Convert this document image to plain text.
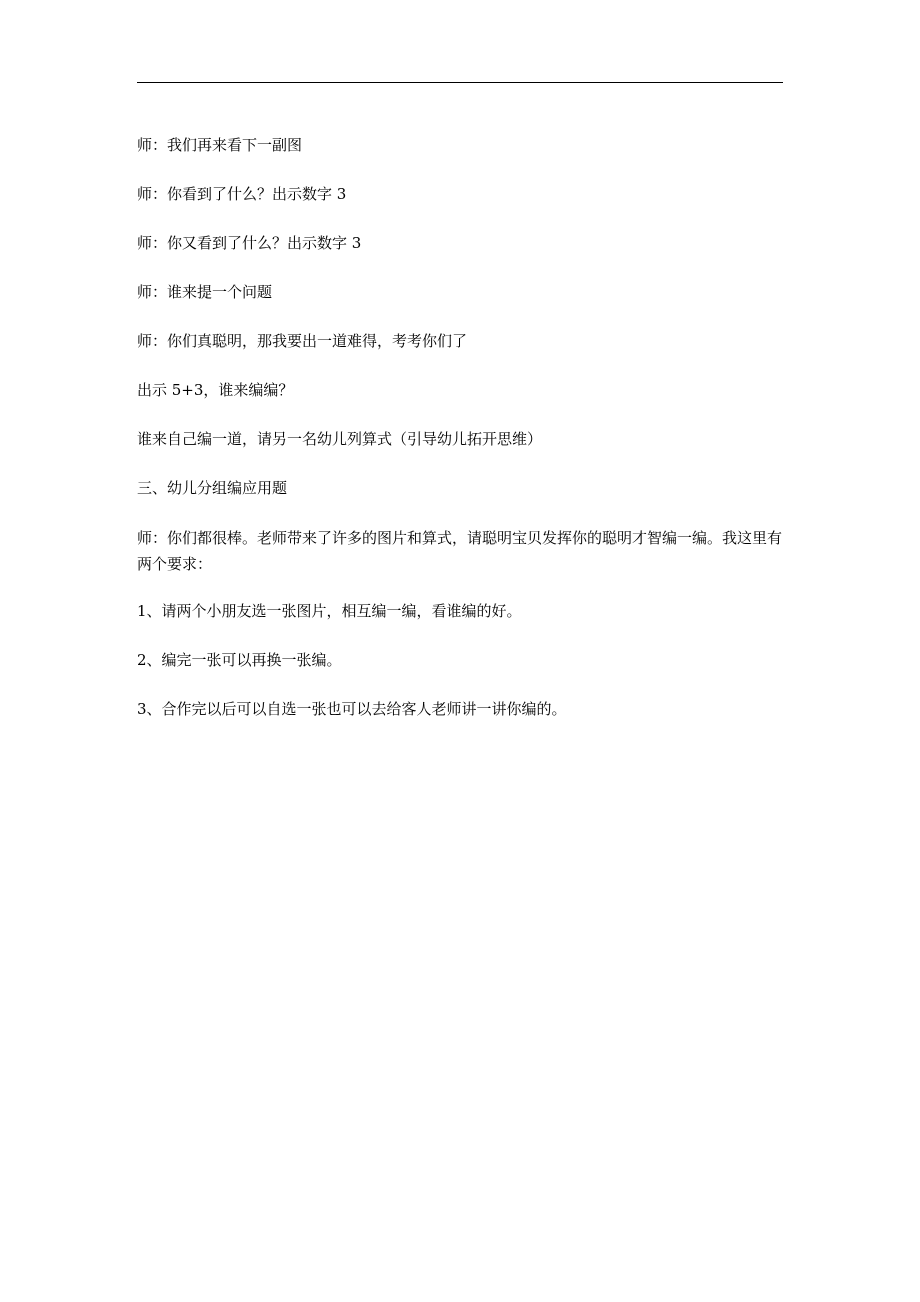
师：我们再来看下一副图

师：你看到了什么？出示数字 3

师：你又看到了什么？出示数字 3

师：谁来提一个问题

师：你们真聪明，那我要出一道难得，考考你们了

出示 5+3，谁来编编？

谁来自己编一道，请另一名幼儿列算式（引导幼儿拓开思维）

三、幼儿分组编应用题

师：你们都很棒。老师带来了许多的图片和算式，请聪明宝贝发挥你的聪明才智编一编。我这里有两个要求：

1、请两个小朋友选一张图片，相互编一编，看谁编的好。

2、编完一张可以再换一张编。

3、合作完以后可以自选一张也可以去给客人老师讲一讲你编的。
